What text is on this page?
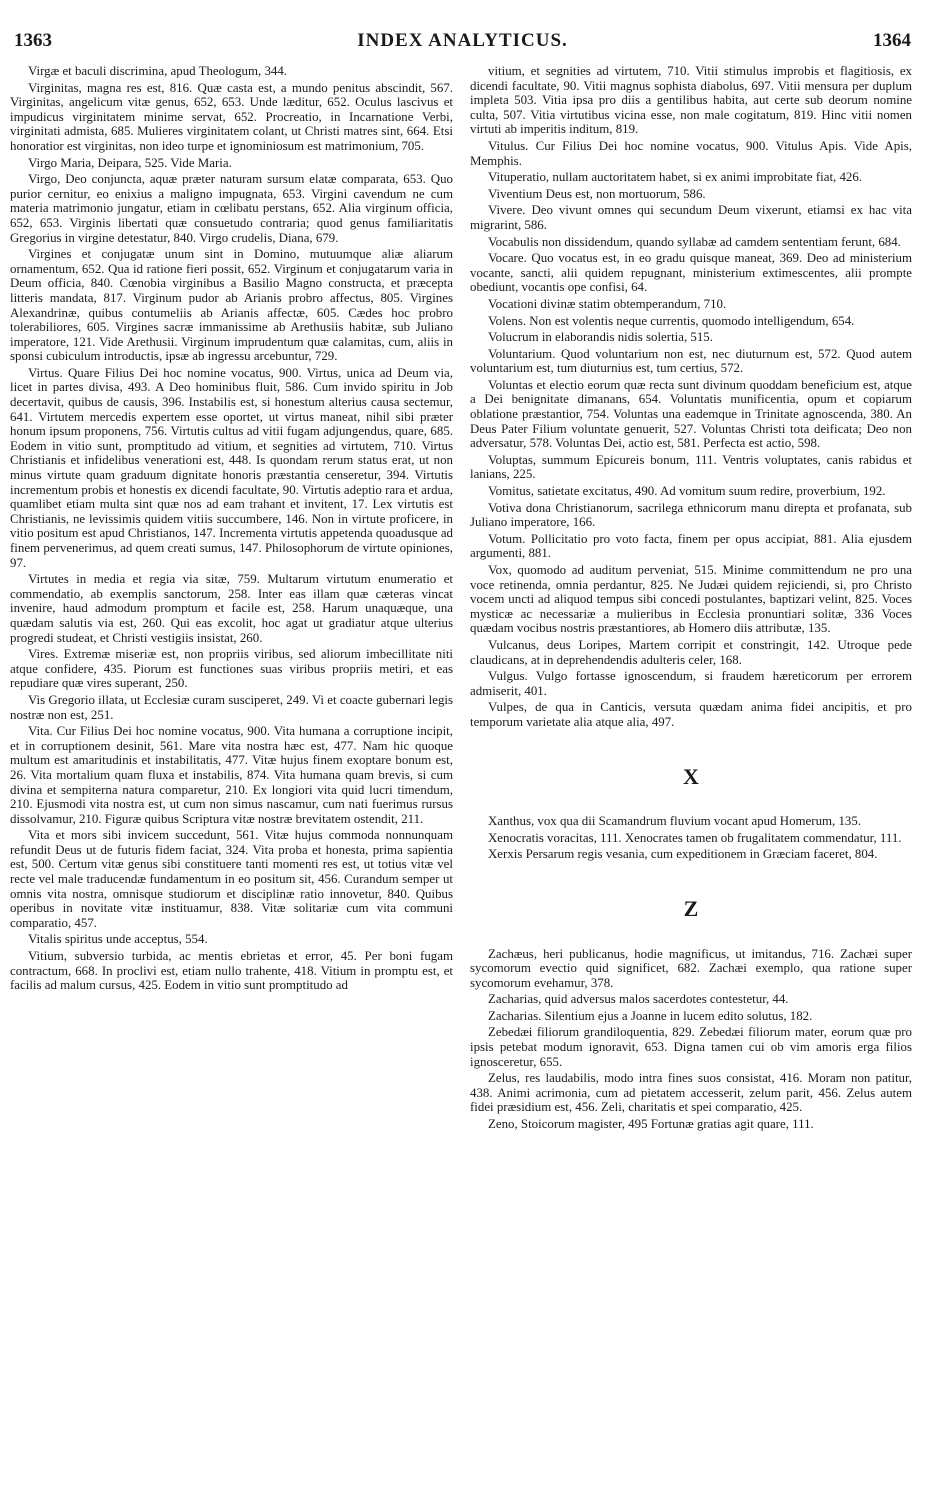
1363	INDEX ANALYTICUS.	1364

Virgæ et baculi discrimina, apud Theologum, 344.

Virginitas, magna res est, 816. Quæ casta est, a mundo penitus abscindit, 567. Virginitas, angelicum vitæ genus, 652, 653. Unde læditur, 652. Oculus lascivus et impudicus virginitatem minime servat, 652. Procreatio, in Incarnatione Verbi, virginitati admista, 685. Mulieres virginitatem colant, ut Christi matres sint, 664. Etsi honoratior est virginitas, non ideo turpe et ignominiosum est matrimonium, 705.

Virgo Maria, Deipara, 525. Vide Maria.

Virgo, Deo conjuncta, aquæ præter naturam sursum elatæ comparata, 653. Quo purior cernitur, eo enixius a maligno impugnata, 653. Virgini cavendum ne cum materia matrimonio jungatur, etiam in cœlibatu perstans, 652. Alia virginum officia, 652, 653. Virginis libertati quæ consuetudo contraria; quod genus familiaritatis Gregorius in virgine detestatur, 840. Virgo crudelis, Diana, 679.

Virgines et conjugatæ unum sint in Domino, mutuumque aliæ aliarum ornamentum, 652. Qua id ratione fieri possit, 652. Virginum et conjugatarum varia in Deum officia, 840. Cœnobia virginibus a Basilio Magno constructa, et præcepta litteris mandata, 817. Virginum pudor ab Arianis probro affectus, 805. Virgines Alexandrinæ, quibus contumeliis ab Arianis affectæ, 605. Cædes hoc probro tolerabiliores, 605. Virgines sacræ immanissime ab Arethusiis habitæ, sub Juliano imperatore, 121. Vide Arethusii. Virginum imprudentum quæ calamitas, cum, aliis in sponsi cubiculum introductis, ipsæ ab ingressu arcebuntur, 729.

Virtus. Quare Filius Dei hoc nomine vocatus, 900. Virtus, unica ad Deum via, licet in partes divisa, 493. A Deo hominibus fluit, 586. Cum invido spiritu in Job decertavit, quibus de causis, 396. Instabilis est, si honestum alterius causa sectemur, 641. Virtutem mercedis expertem esse oportet, ut virtus maneat, nihil sibi præter honum ipsum proponens, 756. Virtutis cultus ad vitii fugam adjungendus, quare, 685. Eodem in vitio sunt, promptitudo ad vitium, et segnities ad virtutem, 710. Virtus Christianis et infidelibus venerationi est, 448. Is quondam rerum status erat, ut non minus virtute quam graduum dignitate honoris præstantia censeretur, 394. Virtutis incrementum probis et honestis ex dicendi facultate, 90. Virtutis adeptio rara et ardua, quamlibet etiam multa sint quæ nos ad eam trahant et invitent, 17. Lex virtutis est Christianis, ne levissimis quidem vitiis succumbere, 146. Non in virtute proficere, in vitio positum est apud Christianos, 147. Incrementa virtutis appetenda quoadusque ad finem pervenerimus, ad quem creati sumus, 147. Philosophorum de virtute opiniones, 97.

Virtutes in media et regia via sitæ, 759. Multarum virtutum enumeratio et commendatio, ab exemplis sanctorum, 258. Inter eas illam quæ cæteras vincat invenire, haud admodum promptum et facile est, 258. Harum unaquæque, una quædam salutis via est, 260. Qui eas excolit, hoc agat ut gradiatur atque ulterius progredi studeat, et Christi vestigiis insistat, 260.

Vires. Extremæ miseriæ est, non propriis viribus, sed aliorum imbecillitate niti atque confidere, 435. Piorum est functiones suas viribus propriis metiri, et eas repudiare quæ vires superant, 250.

Vis Gregorio illata, ut Ecclesiæ curam susciperet, 249. Vi et coacte gubernari legis nostræ non est, 251.

Vita. Cur Filius Dei hoc nomine vocatus, 900. Vita humana a corruptione incipit, et in corruptionem desinit, 561. Mare vita nostra hæc est, 477. Nam hic quoque multum est amaritudinis et instabilitatis, 477. Vitæ hujus finem exoptare bonum est, 26. Vita mortalium quam fluxa et instabilis, 874. Vita humana quam brevis, si cum divina et sempiterna natura comparetur, 210. Ex longiori vita quid lucri timendum, 210. Ejusmodi vita nostra est, ut cum non simus nascamur, cum nati fuerimus rursus dissolvamur, 210. Figuræ quibus Scriptura vitæ nostræ brevitatem ostendit, 211.

Vita et mors sibi invicem succedunt, 561. Vitæ hujus commoda nonnunquam refundit Deus ut de futuris fidem faciat, 324. Vita proba et honesta, prima sapientia est, 500. Certum vitæ genus sibi constituere tanti momenti res est, ut totius vitæ vel recte vel male traducendæ fundamentum in eo positum sit, 456. Curandum semper ut omnis vita nostra, omnisque studiorum et disciplinæ ratio innovetur, 840. Quibus operibus in novitate vitæ instituamur, 838. Vitæ solitariæ cum vita communi comparatio, 457.

Vitalis spiritus unde acceptus, 554.

Vitium, subversio turbida, ac mentis ebrietas et error, 45. Per boni fugam contractum, 668. In proclivi est, etiam nullo trahente, 418. Vitium in promptu est, et facilis ad malum cursus, 425. Eodem in vitio sunt promptitudo ad

vitium, et segnities ad virtutem, 710. Vitii stimulus improbis et flagitiosis, ex dicendi facultate, 90. Vitii magnus sophista diabolus, 697. Vitii mensura per duplum impleta 503. Vitia ipsa pro diis a gentilibus habita, aut certe sub deorum nomine culta, 507. Vitia virtutibus vicina esse, non male cogitatum, 819. Hinc vitii nomen virtuti ab imperitis inditum, 819.

Vitulus. Cur Filius Dei hoc nomine vocatus, 900. Vitulus Apis. Vide Apis, Memphis.

Vituperatio, nullam auctoritatem habet, si ex animi improbitate fiat, 426.

Viventium Deus est, non mortuorum, 586.

Vivere. Deo vivunt omnes qui secundum Deum vixerunt, etiamsi ex hac vita migrarint, 586.

Vocabulis non dissidendum, quando syllabæ ad camdem sententiam ferunt, 684.

Vocare. Quo vocatus est, in eo gradu quisque maneat, 369. Deo ad ministerium vocante, sancti, alii quidem repugnant, ministerium extimescentes, alii prompte obediunt, vocantis ope confisi, 64.

Vocationi divinæ statim obtemperandum, 710.

Volens. Non est volentis neque currentis, quomodo intelligendum, 654.

Volucrum in elaborandis nidis solertia, 515.

Voluntarium. Quod voluntarium non est, nec diuturnum est, 572. Quod autem voluntarium est, tum diuturnius est, tum certius, 572.

Voluntas et electio eorum quæ recta sunt divinum quoddam beneficium est, atque a Dei benignitate dimanans, 654. Voluntatis munificentia, opum et copiarum oblatione præstantior, 754. Voluntas una eademque in Trinitate agnoscenda, 380. An Deus Pater Filium voluntate genuerit, 527. Voluntas Christi tota deificata; Deo non adversatur, 578. Voluntas Dei, actio est, 581. Perfecta est actio, 598.

Voluptas, summum Epicureis bonum, 111. Ventris voluptates, canis rabidus et lanians, 225.

Vomitus, satietate excitatus, 490. Ad vomitum suum redire, proverbium, 192.

Votiva dona Christianorum, sacrilega ethnicorum manu direpta et profanata, sub Juliano imperatore, 166.

Votum. Pollicitatio pro voto facta, finem per opus accipiat, 881. Alia ejusdem argumenti, 881.

Vox, quomodo ad auditum perveniat, 515. Minime committendum ne pro una voce retinenda, omnia perdantur, 825. Ne Judæi quidem rejiciendi, si, pro Christo vocem uncti ad aliquod tempus sibi concedi postulantes, baptizari velint, 825. Voces mysticæ ac necessariæ a mulieribus in Ecclesia pronuntiari solitæ, 336 Voces quædam vocibus nostris præstantiores, ab Homero diis attributæ, 135.

Vulcanus, deus Loripes, Martem corripit et constringit, 142. Utroque pede claudicans, at in deprehendendis adulteris celer, 168.

Vulgus. Vulgo fortasse ignoscendum, si fraudem hæreticorum per errorem admiserit, 401.

Vulpes, de qua in Canticis, versuta quædam anima fidei ancipitis, et pro temporum varietate alia atque alia, 497.

X

Xanthus, vox qua dii Scamandrum fluvium vocant apud Homerum, 135.

Xenocratis voracitas, 111. Xenocrates tamen ob frugalitatem commendatur, 111.

Xerxis Persarum regis vesania, cum expeditionem in Græciam faceret, 804.

Z

Zachæus, heri publicanus, hodie magnificus, ut imitandus, 716. Zachæi super sycomorum evectio quid significet, 682. Zachæi exemplo, qua ratione super sycomorum evehamur, 378.

Zacharias, quid adversus malos sacerdotes contestetur, 44.

Zacharias. Silentium ejus a Joanne in lucem edito solutus, 182.

Zebedæi filiorum grandiloquentia, 829. Zebedæi filiorum mater, eorum quæ pro ipsis petebat modum ignoravit, 653. Digna tamen cui ob vim amoris erga filios ignosceretur, 655.

Zelus, res laudabilis, modo intra fines suos consistat, 416. Moram non patitur, 438. Animi acrimonia, cum ad pietatem accesserit, zelum parit, 456. Zelus autem fidei præsidium est, 456. Zeli, charitatis et spei comparatio, 425.

Zeno, Stoicorum magister, 495 Fortunæ gratias agit quare, 111.
